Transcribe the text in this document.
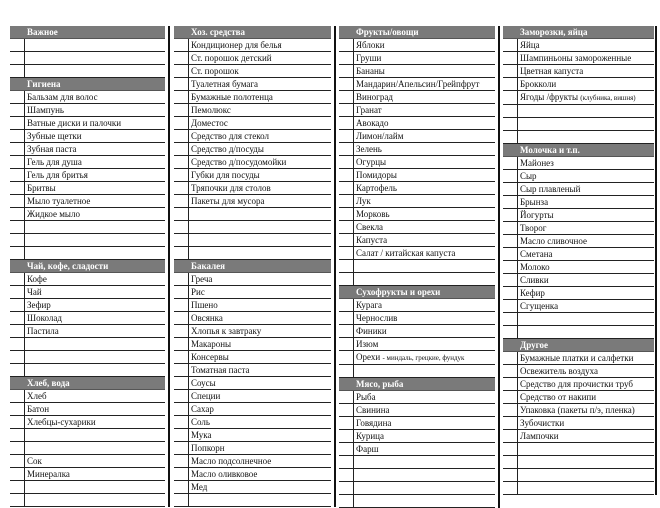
	Важное

	Гигиена
	Бальзам для волос
	Шампунь
	Ватные диски и палочки
	Зубные щетки
	Зубная паста
	Гель для душа
	Гель для бритья
	Бритвы
	Мыло туалетное
	Жидкое мыло

	Чай, кофе, сладости
	Кофе
	Чай
	Зефир
	Шоколад
	Пастила

	Хлеб, вода
	Хлеб
	Батон
	Хлебцы-сухарики

	Сок
	Минералка

	Хоз. средства
	Кондиционер для белья
	Ст. порошок детский
	Ст. порошок
	Туалетная бумага
	Бумажные полотенца
	Пемолюкс
	Доместос
	Средство для стекол
	Средство д/посуды
	Средство д/посудомойки
	Губки для посуды
	Тряпочки для столов
	Пакеты для мусора

	Бакалея
	Греча
	Рис
	Пшено
	Овсянка
	Хлопья к завтраку
	Макароны
	Консервы
	Томатная паста
	Соусы
	Специи
	Сахар
	Соль
	Мука
	Попкорн
	Масло подсолнечное
	Масло оливковое
	Мед

	Фрукты/овощи
	Яблоки
	Груши
	Бананы
	Мандарин/Апельсин/Грейпфрут
	Виноград
	Гранат
	Авокадо
	Лимон/лайм
	Зелень
	Огурцы
	Помидоры
	Картофель
	Лук
	Морковь
	Свекла
	Капуста
	Салат / китайская капуста

	Сухофрукты и орехи
	Курага
	Чернослив
	Финики
	Изюм
	Орехи - миндаль, грецкие, фундук

	Мясо, рыба
	Рыба
	Свинина
	Говядина
	Курица
	Фарш

	Заморозки, яйца
	Яйца
	Шампиньоны замороженные
	Цветная капуста
	Брокколи
	Ягоды /фрукты (клубника, вишня)

	Молочка и т.п.
	Майонез
	Сыр
	Сыр плавленый
	Брынза
	Йогурты
	Творог
	Масло сливочное
	Сметана
	Молоко
	Сливки
	Кефир
	Сгущенка

	Другое
	Бумажные платки и салфетки
	Освежитель воздуха
	Средство для прочистки труб
	Средство от накипи
	Упаковка (пакеты п/э, пленка)
	Зубочистки
	Лампочки
